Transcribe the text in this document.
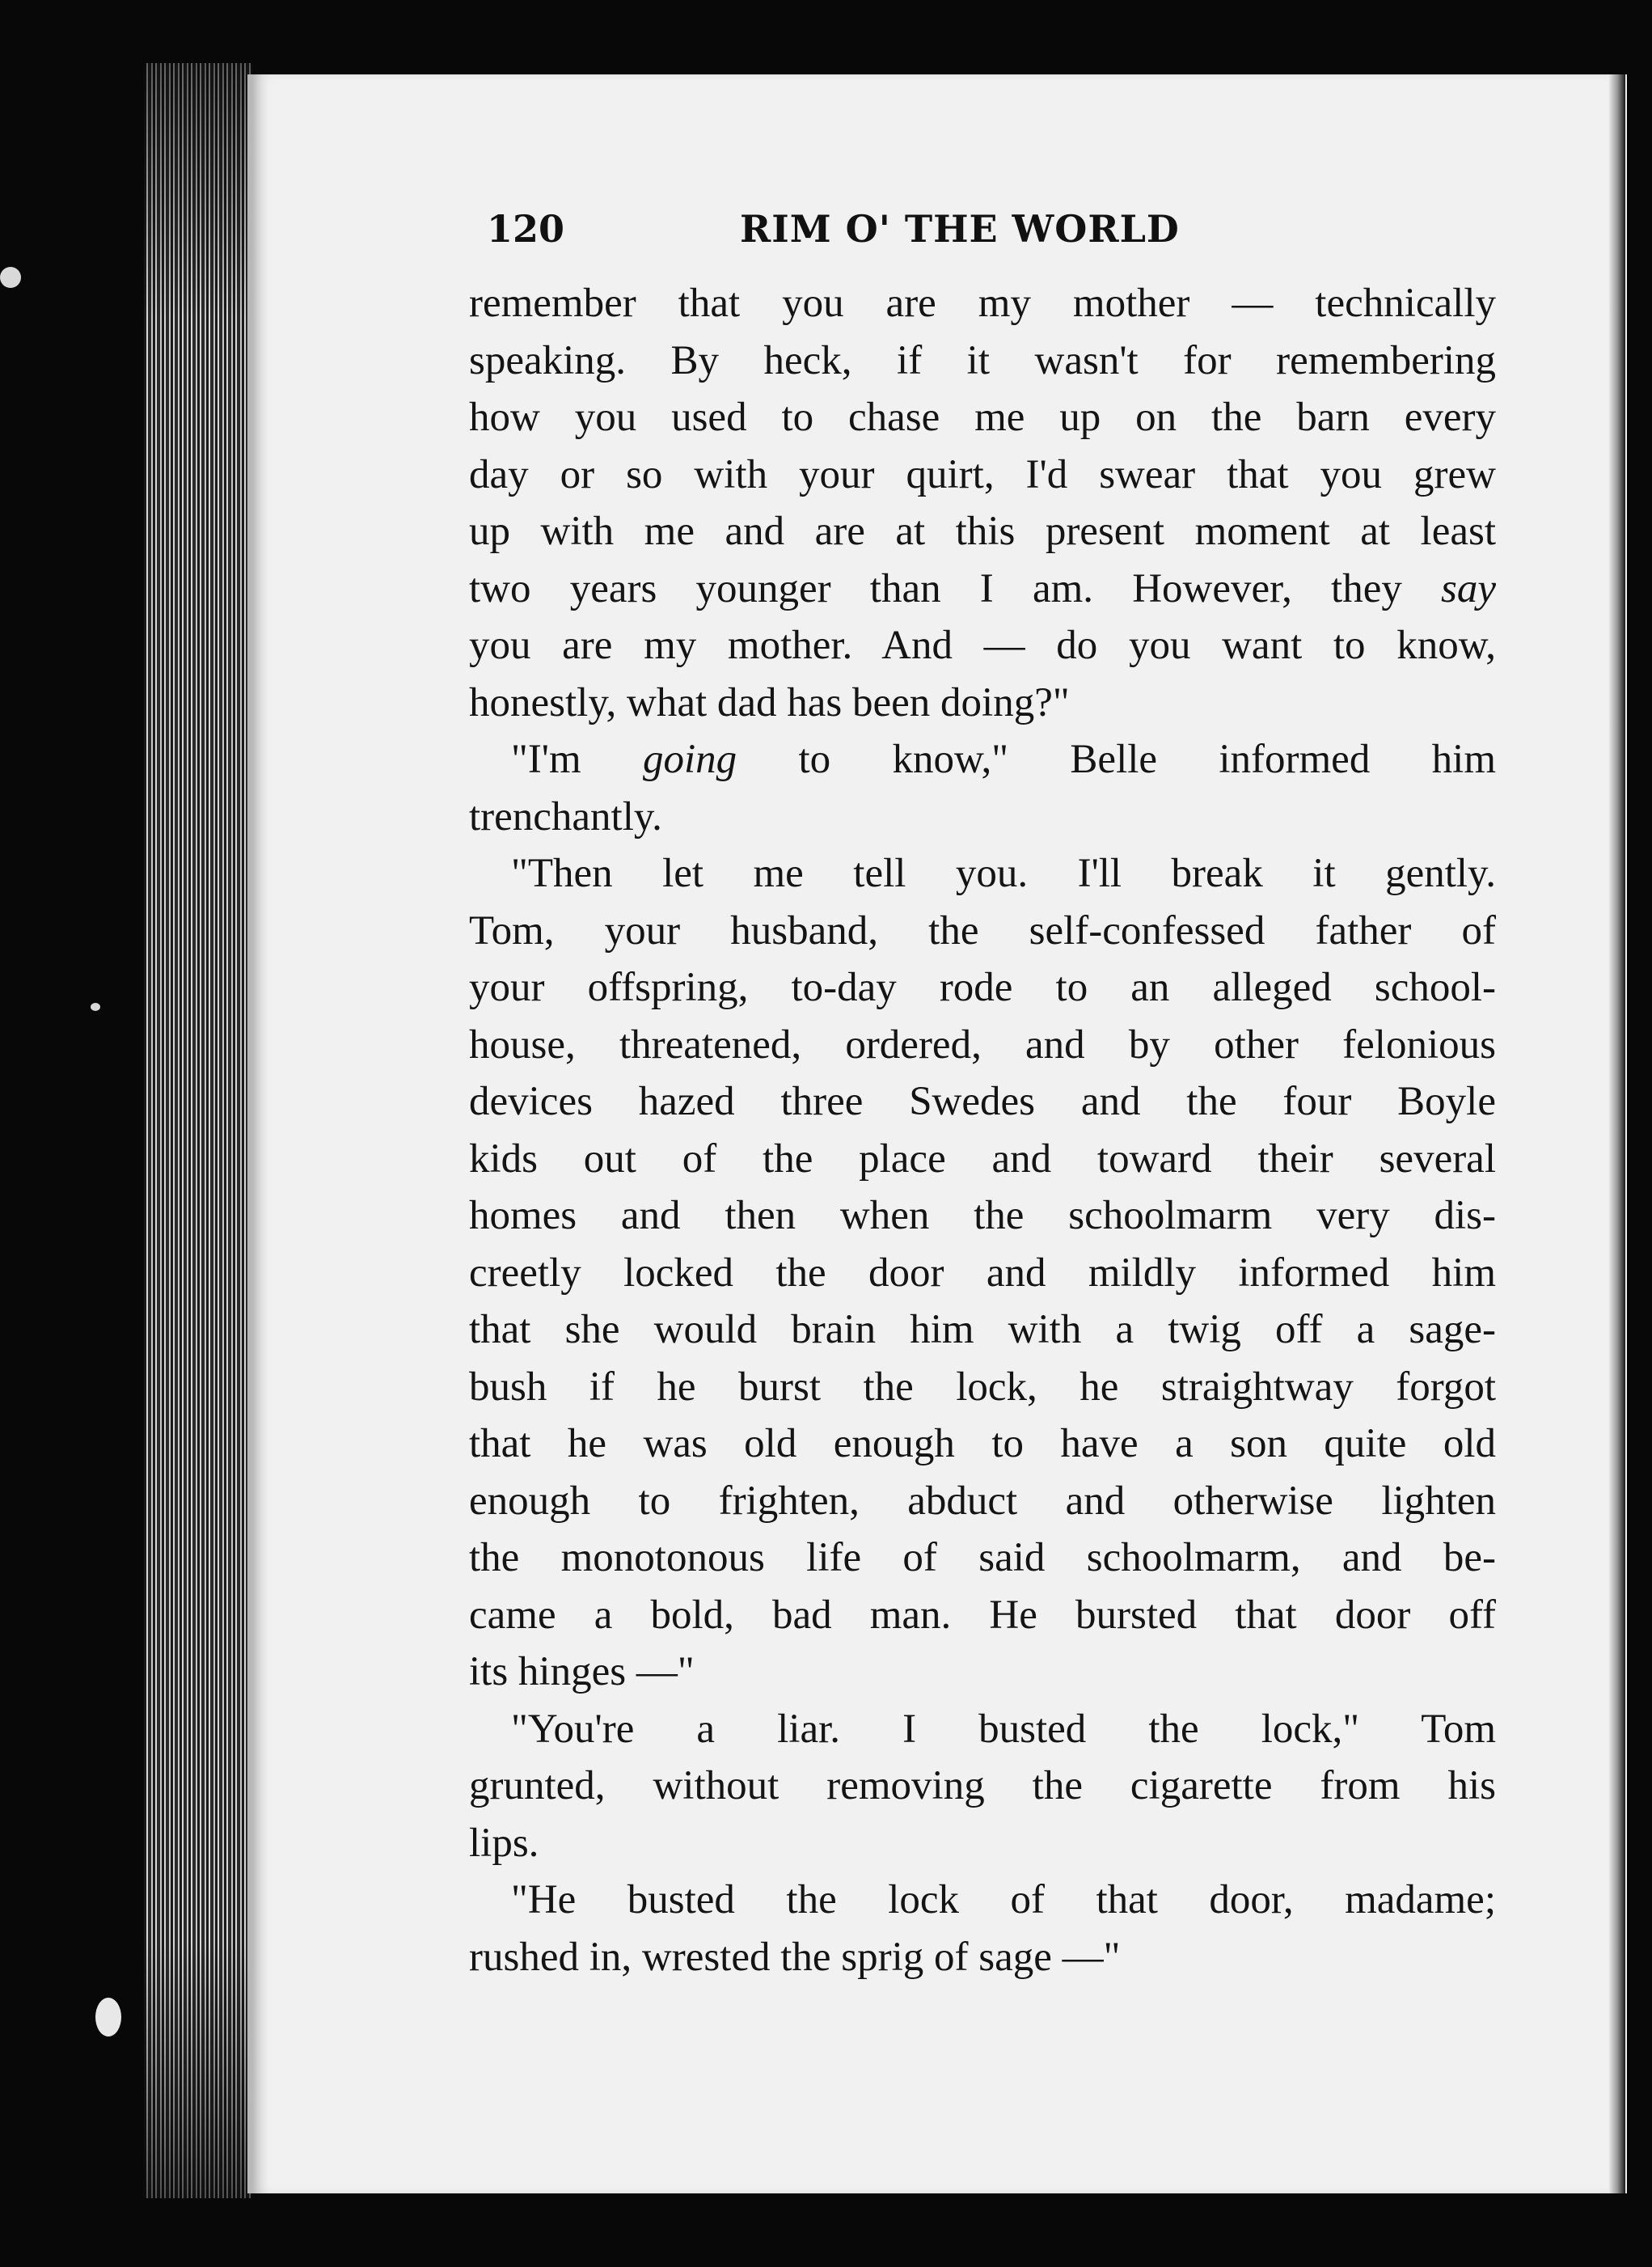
120	RIM O' THE WORLD

remember that you are my mother — technically
speaking. By heck, if it wasn't for remembering
how you used to chase me up on the barn every
day or so with your quirt, I'd swear that you grew
up with me and are at this present moment at least
two years younger than I am. However, they say
you are my mother. And — do you want to know,
honestly, what dad has been doing?"

"I'm going to know," Belle informed him
trenchantly.

"Then let me tell you. I'll break it gently.
Tom, your husband, the self-confessed father of
your offspring, to-day rode to an alleged school-
house, threatened, ordered, and by other felonious
devices hazed three Swedes and the four Boyle
kids out of the place and toward their several
homes and then when the schoolmarm very dis-
creetly locked the door and mildly informed him
that she would brain him with a twig off a sage-
bush if he burst the lock, he straightway forgot
that he was old enough to have a son quite old
enough to frighten, abduct and otherwise lighten
the monotonous life of said schoolmarm, and be-
came a bold, bad man. He bursted that door off
its hinges —"

"You're a liar. I busted the lock," Tom
grunted, without removing the cigarette from his
lips.

"He busted the lock of that door, madame;
rushed in, wrested the sprig of sage —"
